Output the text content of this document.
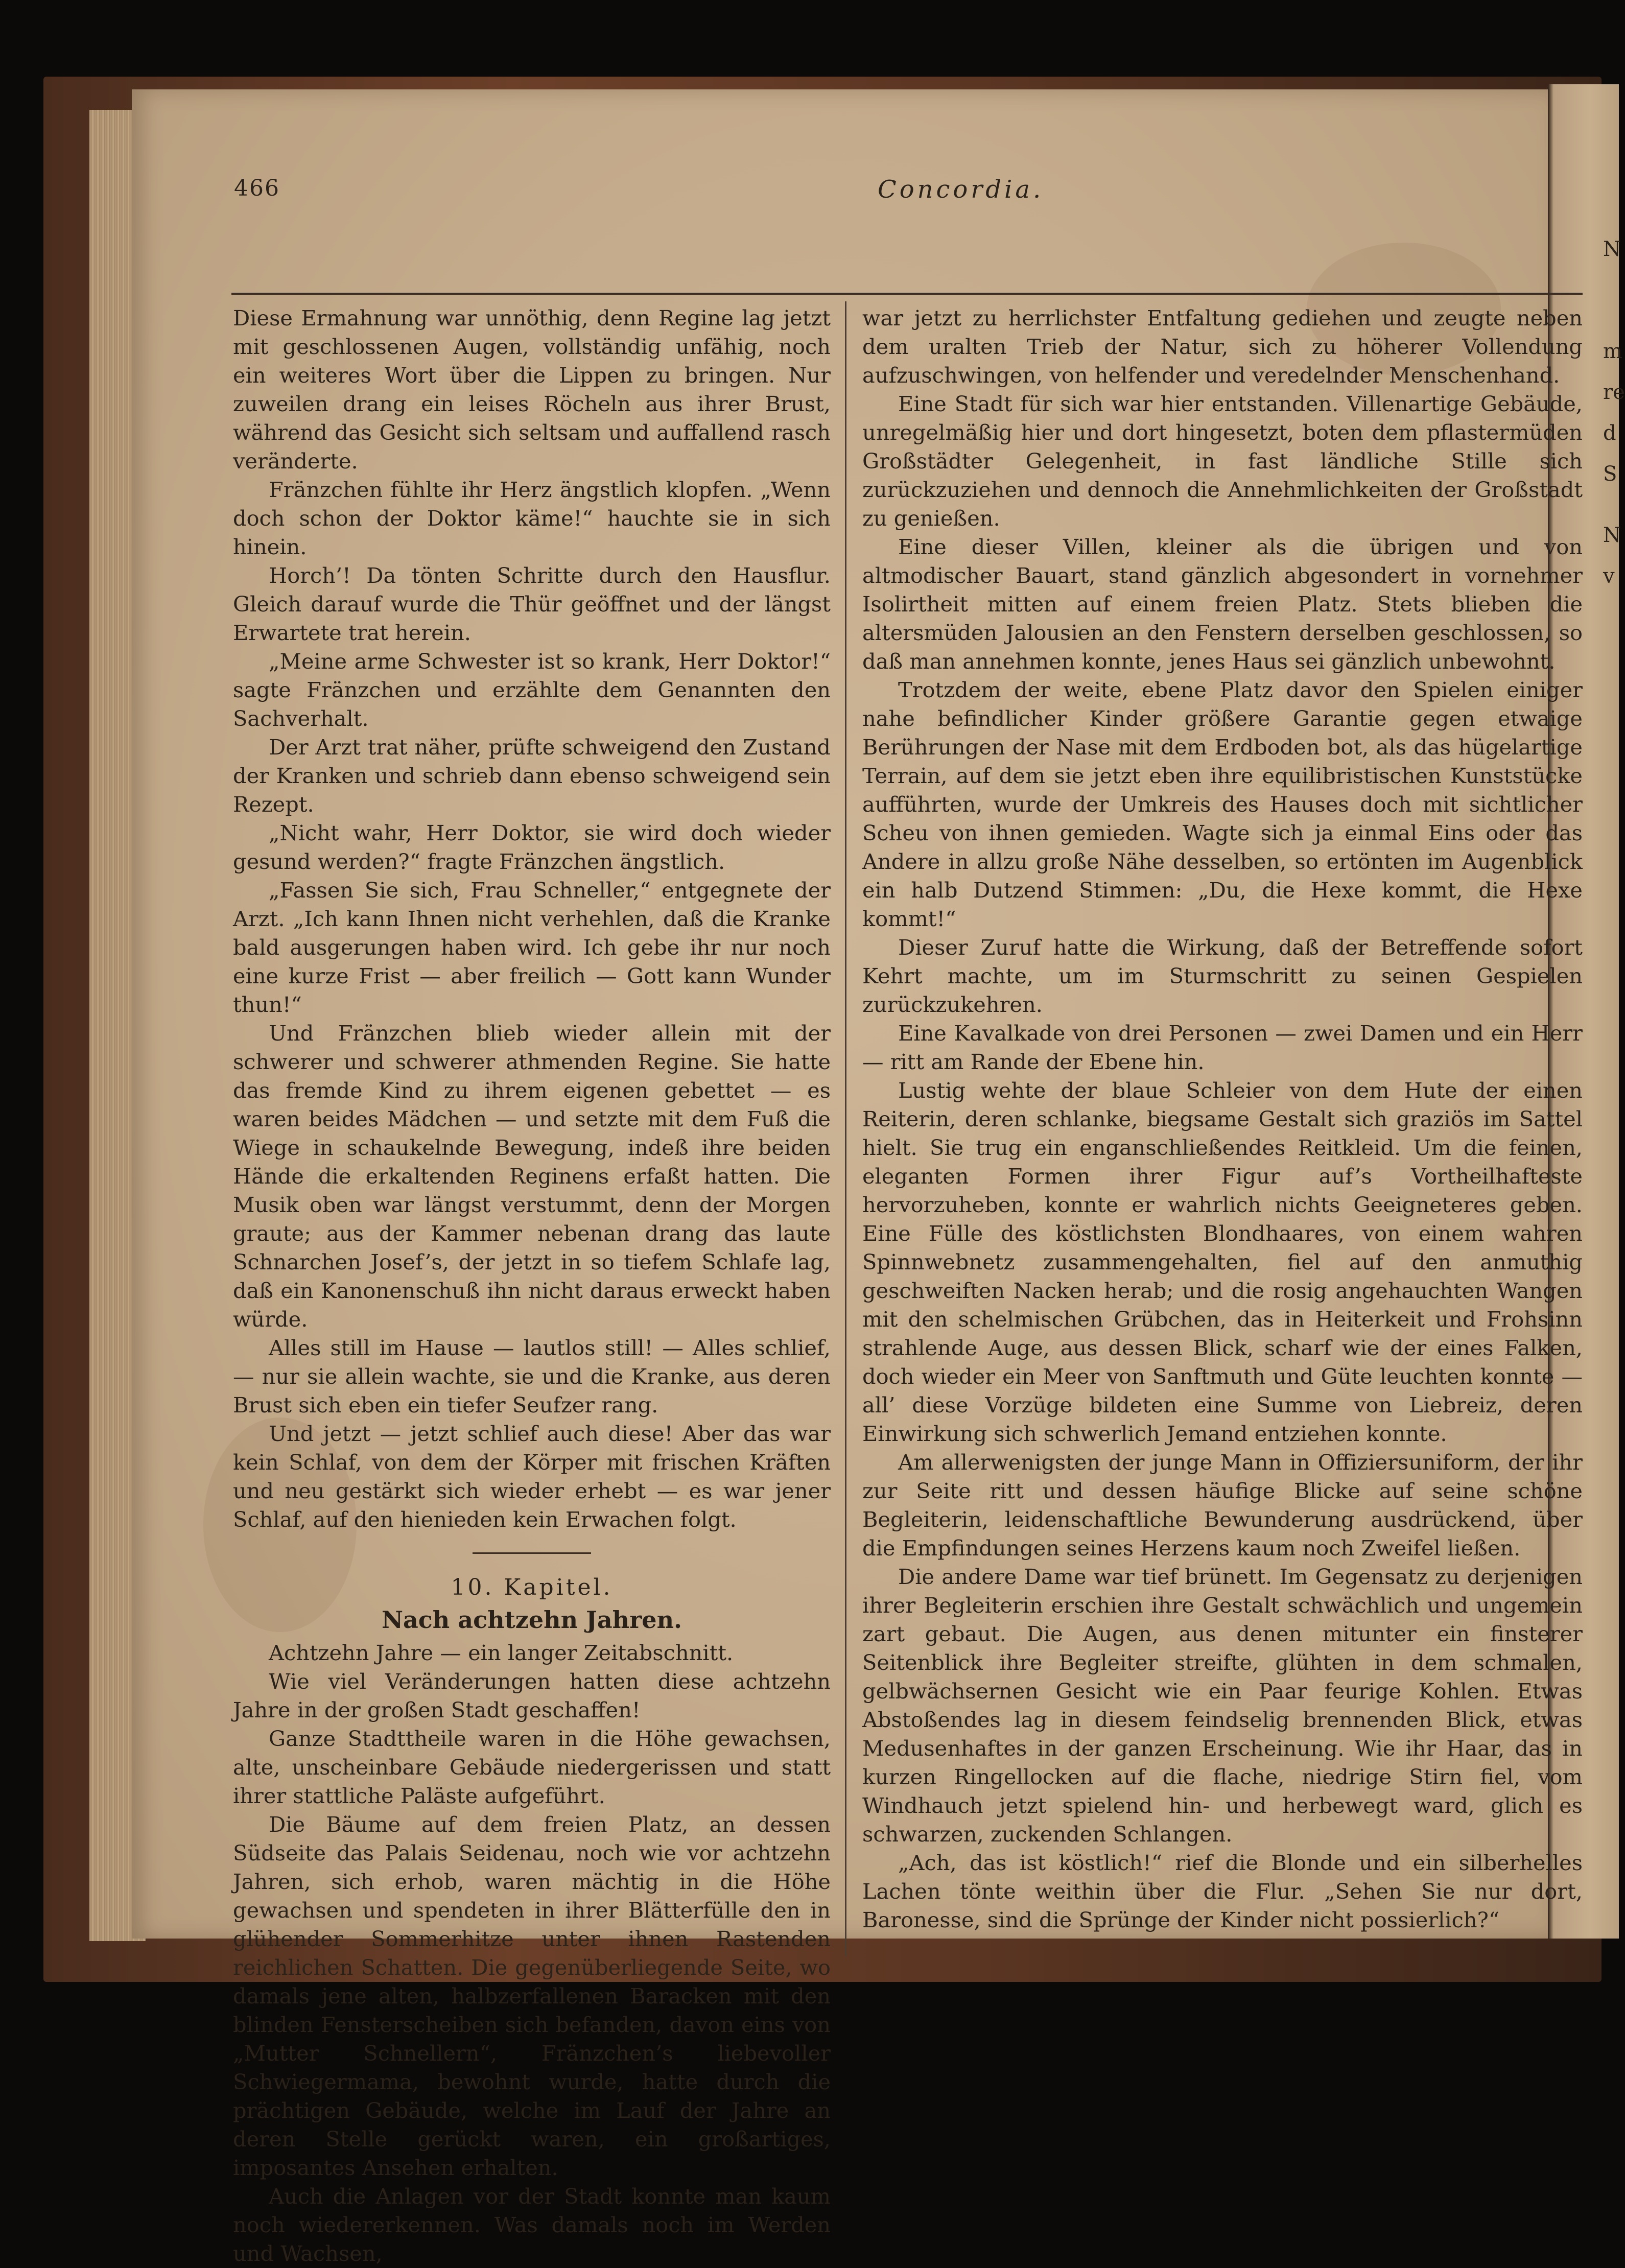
N
m
re
d
S
N
v
466	Concordia.

Diese Ermahnung war unnöthig, denn Regine lag jetzt mit geschlossenen Augen, vollständig unfähig, noch ein weiteres Wort über die Lippen zu bringen. Nur zuweilen drang ein leises Röcheln aus ihrer Brust, während das Gesicht sich seltsam und auffallend rasch veränderte.

Fränzchen fühlte ihr Herz ängstlich klopfen. „Wenn doch schon der Doktor käme!“ hauchte sie in sich hinein.

Horch’! Da tönten Schritte durch den Hausflur. Gleich darauf wurde die Thür geöffnet und der längst Erwartete trat herein.

„Meine arme Schwester ist so krank, Herr Doktor!“ sagte Fränzchen und erzählte dem Genannten den Sachverhalt.

Der Arzt trat näher, prüfte schweigend den Zustand der Kranken und schrieb dann ebenso schweigend sein Rezept.

„Nicht wahr, Herr Doktor, sie wird doch wieder gesund werden?“ fragte Fränzchen ängstlich.

„Fassen Sie sich, Frau Schneller,“ entgegnete der Arzt. „Ich kann Ihnen nicht verhehlen, daß die Kranke bald ausgerungen haben wird. Ich gebe ihr nur noch eine kurze Frist — aber freilich — Gott kann Wunder thun!“

Und Fränzchen blieb wieder allein mit der schwerer und schwerer athmenden Regine. Sie hatte das fremde Kind zu ihrem eigenen gebettet — es waren beides Mädchen — und setzte mit dem Fuß die Wiege in schaukelnde Bewegung, indeß ihre beiden Hände die erkaltenden Reginens erfaßt hatten. Die Musik oben war längst verstummt, denn der Morgen graute; aus der Kammer nebenan drang das laute Schnarchen Josef’s, der jetzt in so tiefem Schlafe lag, daß ein Kanonenschuß ihn nicht daraus erweckt haben würde.

Alles still im Hause — lautlos still! — Alles schlief, — nur sie allein wachte, sie und die Kranke, aus deren Brust sich eben ein tiefer Seufzer rang.

Und jetzt — jetzt schlief auch diese! Aber das war kein Schlaf, von dem der Körper mit frischen Kräften und neu gestärkt sich wieder erhebt — es war jener Schlaf, auf den hienieden kein Erwachen folgt.

10. Kapitel.
Nach achtzehn Jahren.

Achtzehn Jahre — ein langer Zeitabschnitt.

Wie viel Veränderungen hatten diese achtzehn Jahre in der großen Stadt geschaffen!

Ganze Stadttheile waren in die Höhe gewachsen, alte, unscheinbare Gebäude niedergerissen und statt ihrer stattliche Paläste aufgeführt.

Die Bäume auf dem freien Platz, an dessen Südseite das Palais Seidenau, noch wie vor achtzehn Jahren, sich erhob, waren mächtig in die Höhe gewachsen und spendeten in ihrer Blätterfülle den in glühender Sommerhitze unter ihnen Rastenden reichlichen Schatten. Die gegenüberliegende Seite, wo damals jene alten, halbzerfallenen Baracken mit den blinden Fensterscheiben sich befanden, davon eins von „Mutter Schnellern“, Fränzchen’s liebevoller Schwiegermama, bewohnt wurde, hatte durch die prächtigen Gebäude, welche im Lauf der Jahre an deren Stelle gerückt waren, ein großartiges, imposantes Ansehen erhalten.

Auch die Anlagen vor der Stadt konnte man kaum noch wiedererkennen. Was damals noch im Werden und Wachsen,

war jetzt zu herrlichster Entfaltung gediehen und zeugte neben dem uralten Trieb der Natur, sich zu höherer Vollendung aufzuschwingen, von helfender und veredelnder Menschenhand.

Eine Stadt für sich war hier entstanden. Villenartige Gebäude, unregelmäßig hier und dort hingesetzt, boten dem pflastermüden Großstädter Gelegenheit, in fast ländliche Stille sich zurückzuziehen und dennoch die Annehmlichkeiten der Großstadt zu genießen.

Eine dieser Villen, kleiner als die übrigen und von altmodischer Bauart, stand gänzlich abgesondert in vornehmer Isolirtheit mitten auf einem freien Platz. Stets blieben die altersmüden Jalousien an den Fenstern derselben geschlossen, so daß man annehmen konnte, jenes Haus sei gänzlich unbewohnt.

Trotzdem der weite, ebene Platz davor den Spielen einiger nahe befindlicher Kinder größere Garantie gegen etwaige Berührungen der Nase mit dem Erdboden bot, als das hügelartige Terrain, auf dem sie jetzt eben ihre equilibristischen Kunststücke aufführten, wurde der Umkreis des Hauses doch mit sichtlicher Scheu von ihnen gemieden. Wagte sich ja einmal Eins oder das Andere in allzu große Nähe desselben, so ertönten im Augenblick ein halb Dutzend Stimmen: „Du, die Hexe kommt, die Hexe kommt!“

Dieser Zuruf hatte die Wirkung, daß der Betreffende sofort Kehrt machte, um im Sturmschritt zu seinen Gespielen zurückzukehren.

Eine Kavalkade von drei Personen — zwei Damen und ein Herr — ritt am Rande der Ebene hin.

Lustig wehte der blaue Schleier von dem Hute der einen Reiterin, deren schlanke, biegsame Gestalt sich graziös im Sattel hielt. Sie trug ein enganschließendes Reitkleid. Um die feinen, eleganten Formen ihrer Figur auf’s Vortheilhafteste hervorzuheben, konnte er wahrlich nichts Geeigneteres geben. Eine Fülle des köstlichsten Blondhaares, von einem wahren Spinnwebnetz zusammengehalten, fiel auf den anmuthig geschweiften Nacken herab; und die rosig angehauchten Wangen mit den schelmischen Grübchen, das in Heiterkeit und Frohsinn strahlende Auge, aus dessen Blick, scharf wie der eines Falken, doch wieder ein Meer von Sanftmuth und Güte leuchten konnte — all’ diese Vorzüge bildeten eine Summe von Liebreiz, deren Einwirkung sich schwerlich Jemand entziehen konnte.

Am allerwenigsten der junge Mann in Offiziersuniform, der ihr zur Seite ritt und dessen häufige Blicke auf seine schöne Begleiterin, leidenschaftliche Bewunderung ausdrückend, über die Empfindungen seines Herzens kaum noch Zweifel ließen.

Die andere Dame war tief brünett. Im Gegensatz zu derjenigen ihrer Begleiterin erschien ihre Gestalt schwächlich und ungemein zart gebaut. Die Augen, aus denen mitunter ein finsterer Seitenblick ihre Begleiter streifte, glühten in dem schmalen, gelbwächsernen Gesicht wie ein Paar feurige Kohlen. Etwas Abstoßendes lag in diesem feindselig brennenden Blick, etwas Medusenhaftes in der ganzen Erscheinung. Wie ihr Haar, das in kurzen Ringellocken auf die flache, niedrige Stirn fiel, vom Windhauch jetzt spielend hin- und herbewegt ward, glich es schwarzen, zuckenden Schlangen.

„Ach, das ist köstlich!“ rief die Blonde und ein silberhelles Lachen tönte weithin über die Flur. „Sehen Sie nur dort, Baronesse, sind die Sprünge der Kinder nicht possierlich?“
